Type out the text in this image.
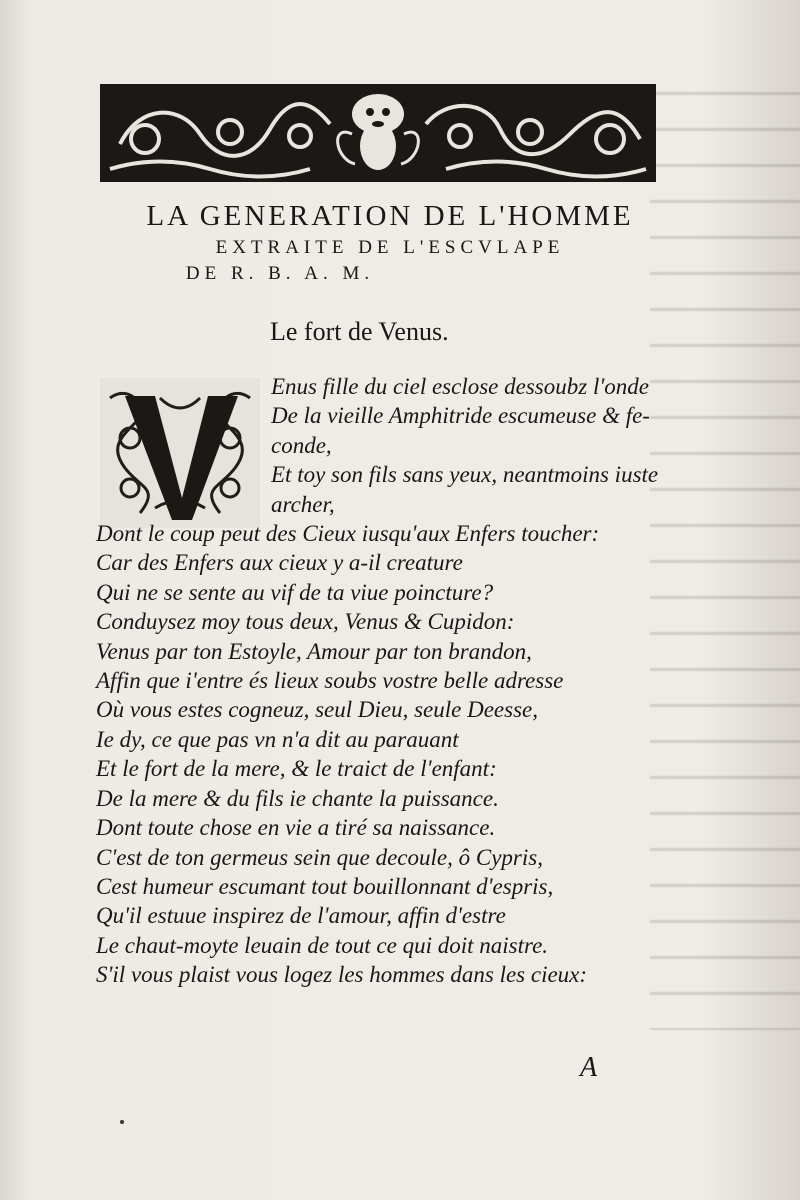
LA GENERATION DE L'HOMME
EXTRAITE DE L'ESCVLAPE
DE R. B. A. M.
Le fort de Venus.
Enus fille du ciel esclose dessoubz l'onde
De la vieille Amphitride escumeuse & fe-
conde,
Et toy son fils sans yeux, neantmoins iuste
archer,
Dont le coup peut des Cieux iusqu'aux Enfers toucher:
Car des Enfers aux cieux y a-il creature
Qui ne se sente au vif de ta viue poincture?
Conduysez moy tous deux, Venus & Cupidon:
Venus par ton Estoyle, Amour par ton brandon,
Affin que i'entre és lieux soubs vostre belle adresse
Où vous estes cogneuz, seul Dieu, seule Deesse,
Ie dy, ce que pas vn n'a dit au parauant
Et le fort de la mere, & le traict de l'enfant:
De la mere & du fils ie chante la puissance.
Dont toute chose en vie a tiré sa naissance.
C'est de ton germeus sein que decoule, ô Cypris,
Cest humeur escumant tout bouillonnant d'espris,
Qu'il estuue inspirez de l'amour, affin d'estre
Le chaut-moyte leuain de tout ce qui doit naistre.
S'il vous plaist vous logez les hommes dans les cieux:
A
